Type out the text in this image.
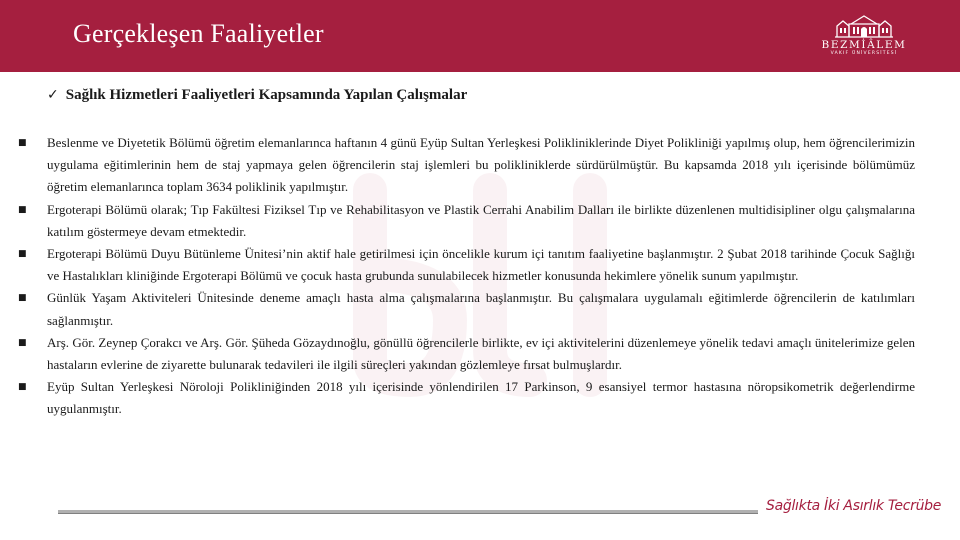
Gerçekleşen Faaliyetler	BEZMİÂLEM
VAKIF ÜNİVERSİTESİ
✓ Sağlık Hizmetleri Faaliyetleri Kapsamında Yapılan Çalışmalar
■ Beslenme ve Diyetetik Bölümü öğretim elemanlarınca haftanın 4 günü Eyüp Sultan Yerleşkesi Polikliniklerinde Diyet Polikliniği yapılmış olup, hem öğrencilerimizin uygulama eğitimlerinin hem de staj yapmaya gelen öğrencilerin staj işlemleri bu polikliniklerde sürdürülmüştür. Bu kapsamda 2018 yılı içerisinde bölümümüz öğretim elemanlarınca toplam 3634 poliklinik yapılmıştır.
■ Ergoterapi Bölümü olarak; Tıp Fakültesi Fiziksel Tıp ve Rehabilitasyon ve Plastik Cerrahi Anabilim Dalları ile birlikte düzenlenen multidisipliner olgu çalışmalarına katılım göstermeye devam etmektedir.
■ Ergoterapi Bölümü Duyu Bütünleme Ünitesi’nin aktif hale getirilmesi için öncelikle kurum içi tanıtım faaliyetine başlanmıştır. 2 Şubat 2018 tarihinde Çocuk Sağlığı ve Hastalıkları kliniğinde Ergoterapi Bölümü ve çocuk hasta grubunda sunulabilecek hizmetler konusunda hekimlere yönelik sunum yapılmıştır.
■ Günlük Yaşam Aktiviteleri Ünitesinde deneme amaçlı hasta alma çalışmalarına başlanmıştır. Bu çalışmalara uygulamalı eğitimlerde öğrencilerin de katılımları sağlanmıştır.
■ Arş. Gör. Zeynep Çorakcı ve Arş. Gör. Şüheda Gözaydınoğlu, gönüllü öğrencilerle birlikte, ev içi aktivitelerini düzenlemeye yönelik tedavi amaçlı ünitelerimize gelen hastaların evlerine de ziyarette bulunarak tedavileri ile ilgili süreçleri yakından gözlemleye fırsat bulmuşlardır.
■ Eyüp Sultan Yerleşkesi Nöroloji Polikliniğinden 2018 yılı içerisinde yönlendirilen 17 Parkinson, 9 esansiyel termor hastasına nöropsikometrik değerlendirme uygulanmıştır.
Sağlıkta İki Asırlık Tecrübe
